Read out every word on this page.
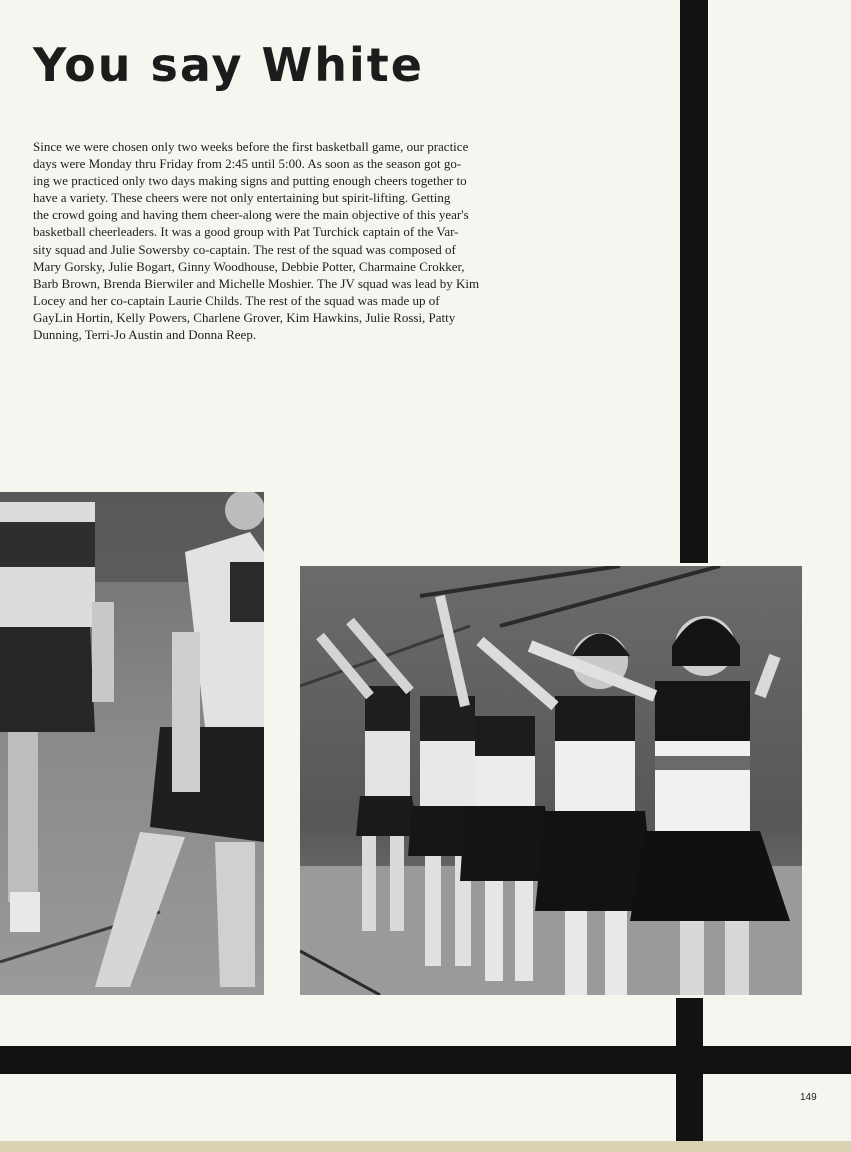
You say White
Since we were chosen only two weeks before the first basketball game, our practice
days were Monday thru Friday from 2:45 until 5:00. As soon as the season got go-
ing we practiced only two days making signs and putting enough cheers together to
have a variety. These cheers were not only entertaining but spirit-lifting. Getting
the crowd going and having them cheer-along were the main objective of this year's
basketball cheerleaders. It was a good group with Pat Turchick captain of the Var-
sity squad and Julie Sowersby co-captain. The rest of the squad was composed of
Mary Gorsky, Julie Bogart, Ginny Woodhouse, Debbie Potter, Charmaine Crokker,
Barb Brown, Brenda Bierwiler and Michelle Moshier. The JV squad was lead by Kim
Locey and her co-captain Laurie Childs. The rest of the squad was made up of
GayLin Hortin, Kelly Powers, Charlene Grover, Kim Hawkins, Julie Rossi, Patty
Dunning, Terri-Jo Austin and Donna Reep.
149
